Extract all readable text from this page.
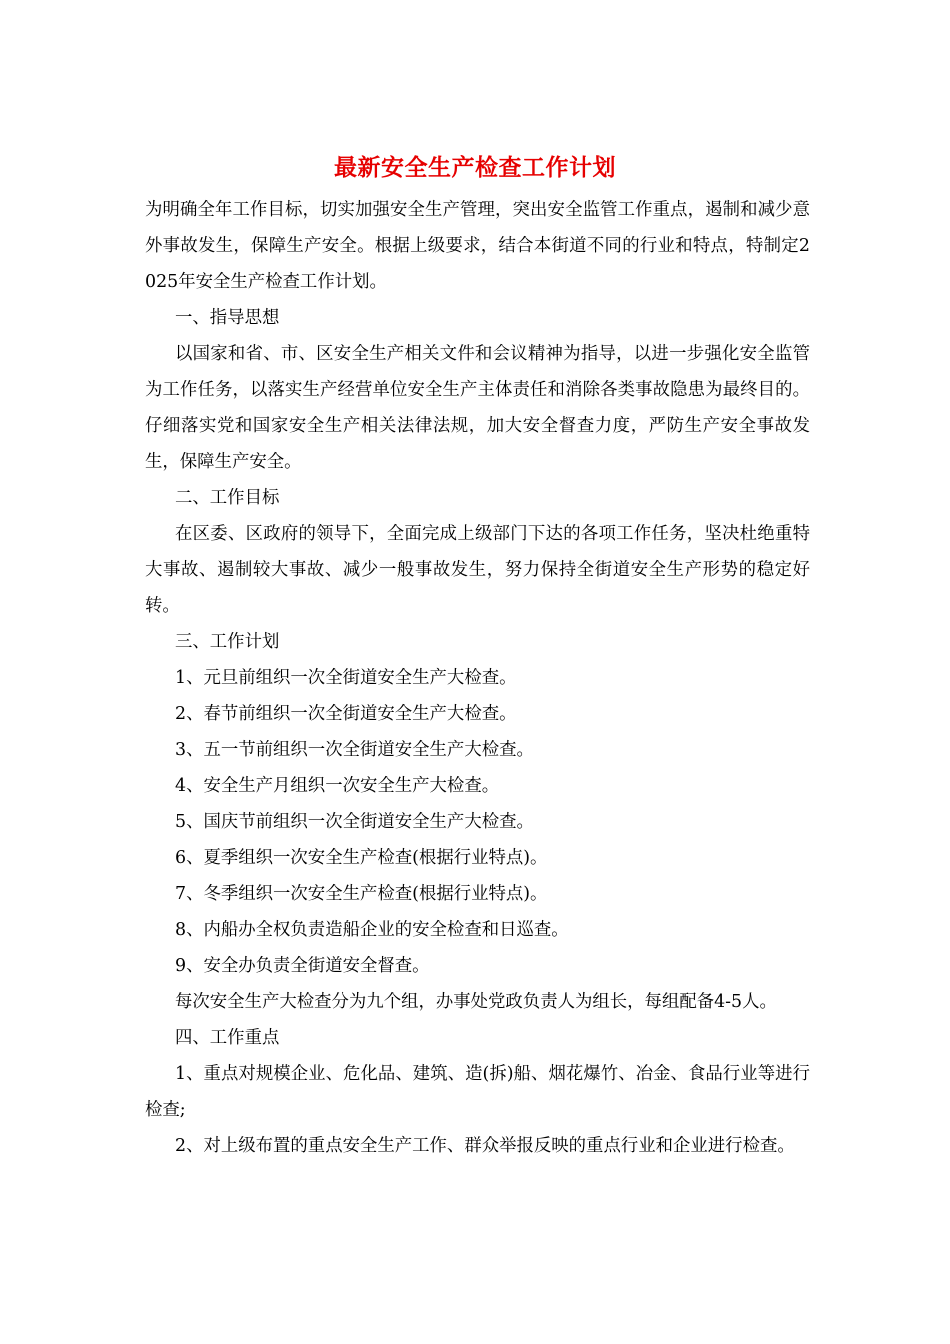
最新安全生产检查工作计划

为明确全年工作目标，切实加强安全生产管理，突出安全监管工作重点，遏制和减少意外事故发生，保障生产安全。根据上级要求，结合本街道不同的行业和特点，特制定2025年安全生产检查工作计划。

一、指导思想

以国家和省、市、区安全生产相关文件和会议精神为指导，以进一步强化安全监管为工作任务，以落实生产经营单位安全生产主体责任和消除各类事故隐患为最终目的。仔细落实党和国家安全生产相关法律法规，加大安全督查力度，严防生产安全事故发生，保障生产安全。

二、工作目标

在区委、区政府的领导下，全面完成上级部门下达的各项工作任务，坚决杜绝重特大事故、遏制较大事故、减少一般事故发生，努力保持全街道安全生产形势的稳定好转。

三、工作计划

1、元旦前组织一次全街道安全生产大检查。

2、春节前组织一次全街道安全生产大检查。

3、五一节前组织一次全街道安全生产大检查。

4、安全生产月组织一次安全生产大检查。

5、国庆节前组织一次全街道安全生产大检查。

6、夏季组织一次安全生产检查(根据行业特点)。

7、冬季组织一次安全生产检查(根据行业特点)。

8、内船办全权负责造船企业的安全检查和日巡查。

9、安全办负责全街道安全督查。

每次安全生产大检查分为九个组，办事处党政负责人为组长，每组配备4-5人。

四、工作重点

1、重点对规模企业、危化品、建筑、造(拆)船、烟花爆竹、冶金、食品行业等进行检查;

2、对上级布置的重点安全生产工作、群众举报反映的重点行业和企业进行检查。
